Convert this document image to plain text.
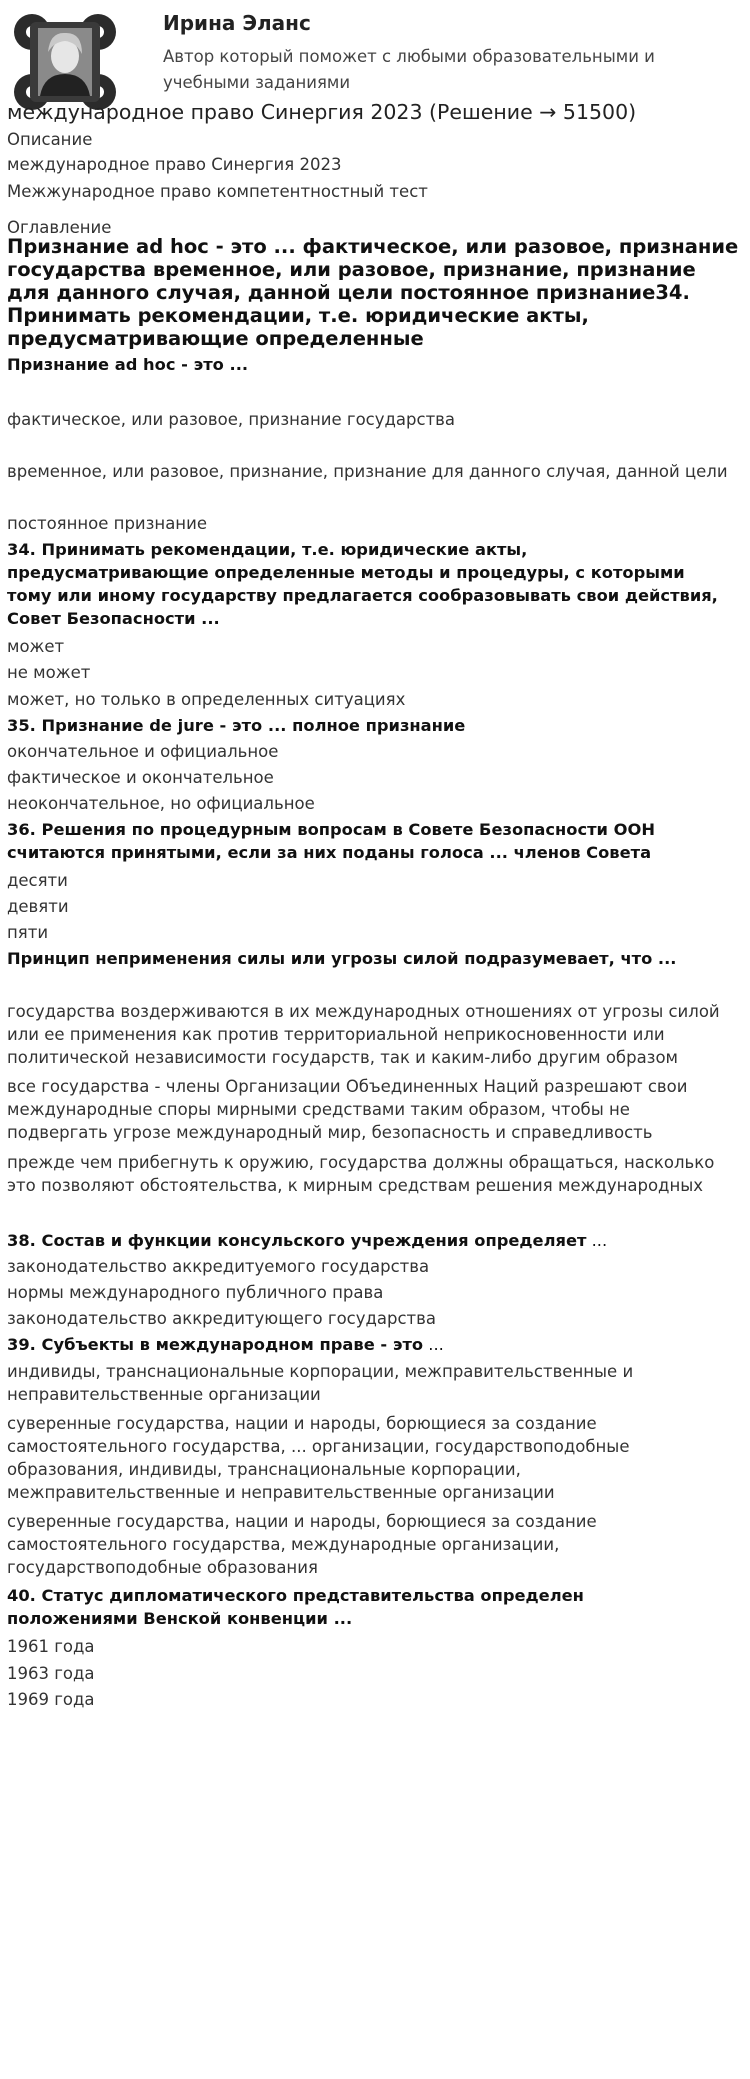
Ирина Эланс
Автор который поможет с любыми образовательными и
учебными заданиями
международное право Синергия 2023 (Решение → 51500)
Описание
международное право Синергия 2023
Межжународное право компетентностный тест
Оглавление
Признание ad hoc - это ... фактическое, или разовое, признание
государства временное, или разовое, признание, признание
для данного случая, данной цели постоянное признание34.
Принимать рекомендации, т.е. юридические акты,
предусматривающие определенные
Признание ad hoc - это ...
фактическое, или разовое, признание государства
временное, или разовое, признание, признание для данного случая, данной цели
постоянное признание
34. Принимать рекомендации, т.е. юридические акты,
предусматривающие определенные методы и процедуры, с которыми
тому или иному государству предлагается сообразовывать свои действия,
Совет Безопасности ...
может
не может
может, но только в определенных ситуациях
35. Признание de jure - это ... полное признание
окончательное и официальное
фактическое и окончательное
неокончательное, но официальное
36. Решения по процедурным вопросам в Совете Безопасности ООН
считаются принятыми, если за них поданы голоса ... членов Совета
десяти
девяти
пяти
Принцип неприменения силы или угрозы силой подразумевает, что ...
государства воздерживаются в их международных отношениях от угрозы силой
или ее применения как против территориальной неприкосновенности или
политической независимости государств, так и каким-либо другим образом
все государства - члены Организации Объединенных Наций разрешают свои
международные споры мирными средствами таким образом, чтобы не
подвергать угрозе международный мир, безопасность и справедливость
прежде чем прибегнуть к оружию, государства должны обращаться, насколько
это позволяют обстоятельства, к мирным средствам решения международных
38. Состав и функции консульского учреждения определяет ...
законодательство аккредитуемого государства
нормы международного публичного права
законодательство аккредитующего государства
39. Субъекты в международном праве - это ...
индивиды, транснациональные корпорации, межправительственные и
неправительственные организации
суверенные государства, нации и народы, борющиеся за создание
самостоятельного государства, ... организации, государствоподобные
образования, индивиды, транснациональные корпорации,
межправительственные и неправительственные организации
суверенные государства, нации и народы, борющиеся за создание
самостоятельного государства, международные организации,
государствоподобные образования
40. Статус дипломатического представительства определен
положениями Венской конвенции ...
1961 года
1963 года
1969 года
